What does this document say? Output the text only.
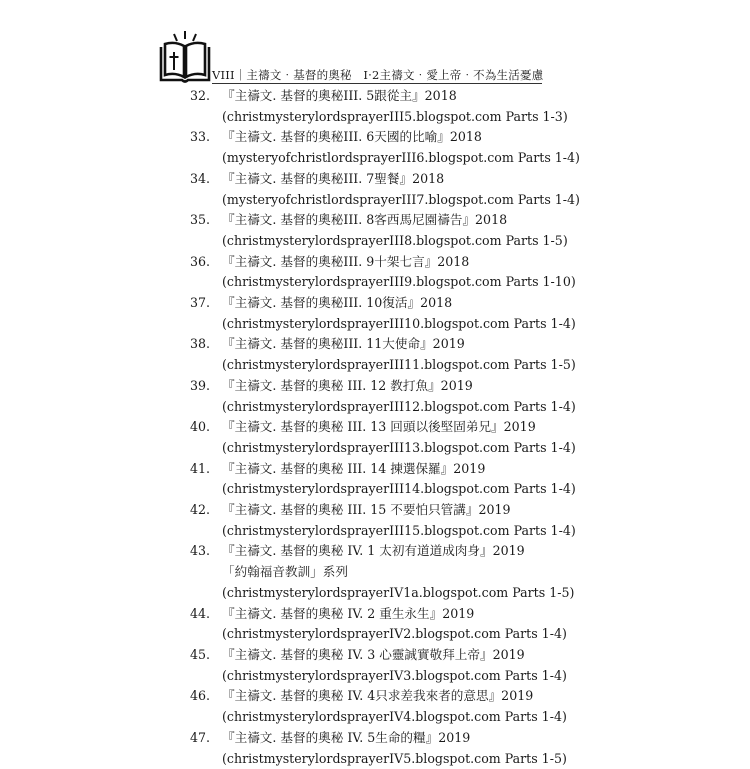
VIII｜主禱文‧基督的奧秘　I‧2主禱文‧愛上帝‧不為生活憂慮
32. 『主禱文. 基督的奧秘III. 5跟從主』2018
(christmysterylordsprayerIII5.blogspot.com Parts 1-3)
33. 『主禱文. 基督的奧秘III. 6天國的比喻』2018
(mysteryofchristlordsprayerIII6.blogspot.com Parts 1-4)
34. 『主禱文. 基督的奧秘III. 7聖餐』2018
(mysteryofchristlordsprayerIII7.blogspot.com Parts 1-4)
35. 『主禱文. 基督的奧秘III. 8客西馬尼園禱告』2018
(christmysterylordsprayerIII8.blogspot.com Parts 1-5)
36. 『主禱文. 基督的奧秘III. 9十架七言』2018
(christmysterylordsprayerIII9.blogspot.com Parts 1-10)
37. 『主禱文. 基督的奧秘III. 10復活』2018
(christmysterylordsprayerIII10.blogspot.com Parts 1-4)
38. 『主禱文. 基督的奧秘III. 11大使命』2019
(christmysterylordsprayerIII11.blogspot.com Parts 1-5)
39. 『主禱文. 基督的奧秘 III. 12 教打魚』2019
(christmysterylordsprayerIII12.blogspot.com Parts 1-4)
40. 『主禱文. 基督的奧秘 III. 13 回頭以後堅固弟兄』2019
(christmysterylordsprayerIII13.blogspot.com Parts 1-4)
41. 『主禱文. 基督的奧秘 III. 14 揀選保羅』2019
(christmysterylordsprayerIII14.blogspot.com Parts 1-4)
42. 『主禱文. 基督的奧秘 III. 15 不要怕只管講』2019
(christmysterylordsprayerIII15.blogspot.com Parts 1-4)
43. 『主禱文. 基督的奧秘 IV. 1 太初有道道成肉身』2019
「約翰福音教訓」系列
(christmysterylordsprayerIV1a.blogspot.com Parts 1-5)
44. 『主禱文. 基督的奧秘 IV. 2 重生永生』2019
(christmysterylordsprayerIV2.blogspot.com Parts 1-4)
45. 『主禱文. 基督的奧秘 IV. 3 心靈誠實敬拜上帝』2019
(christmysterylordsprayerIV3.blogspot.com Parts 1-4)
46. 『主禱文. 基督的奧秘 IV. 4只求差我來者的意思』2019
(christmysterylordsprayerIV4.blogspot.com Parts 1-4)
47. 『主禱文. 基督的奧秘 IV. 5生命的糧』2019
(christmysterylordsprayerIV5.blogspot.com Parts 1-5)
